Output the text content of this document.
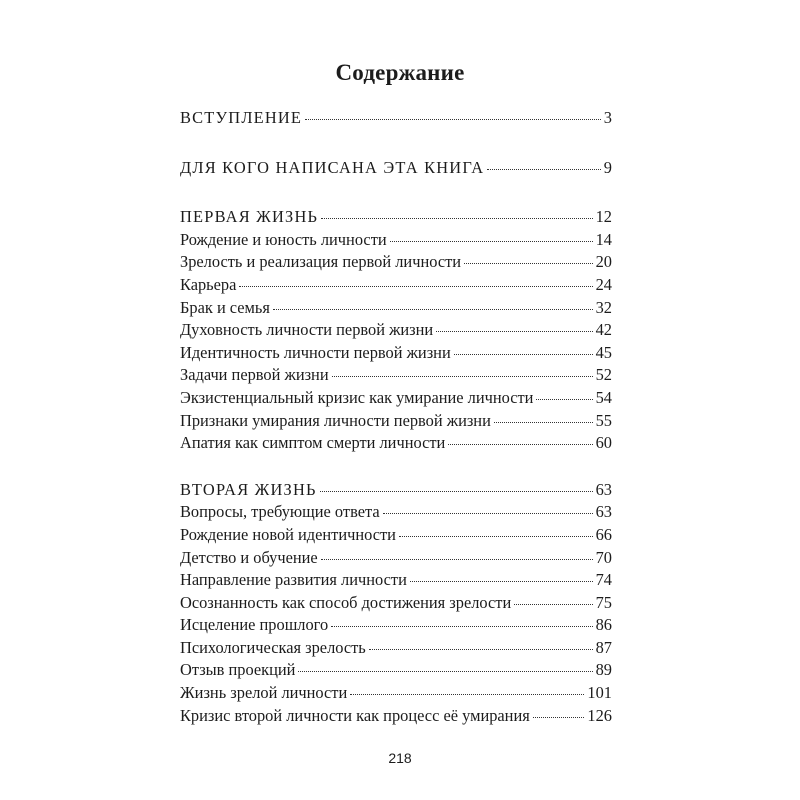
Содержание
ВСТУПЛЕНИЕ	3
ДЛЯ КОГО НАПИСАНА ЭТА КНИГА	9
ПЕРВАЯ ЖИЗНЬ	12
Рождение и юность личности	14
Зрелость и реализация первой личности	20
Карьера	24
Брак и семья	32
Духовность личности первой жизни	42
Идентичность личности первой жизни	45
Задачи первой жизни	52
Экзистенциальный кризис как умирание личности	54
Признаки умирания личности первой жизни	55
Апатия как симптом смерти личности	60
ВТОРАЯ ЖИЗНЬ	63
Вопросы, требующие ответа	63
Рождение новой идентичности	66
Детство и обучение	70
Направление развития личности	74
Осознанность как способ достижения зрелости	75
Исцеление прошлого	86
Психологическая зрелость	87
Отзыв проекций	89
Жизнь зрелой личности	101
Кризис второй личности как процесс её умирания	126
218
